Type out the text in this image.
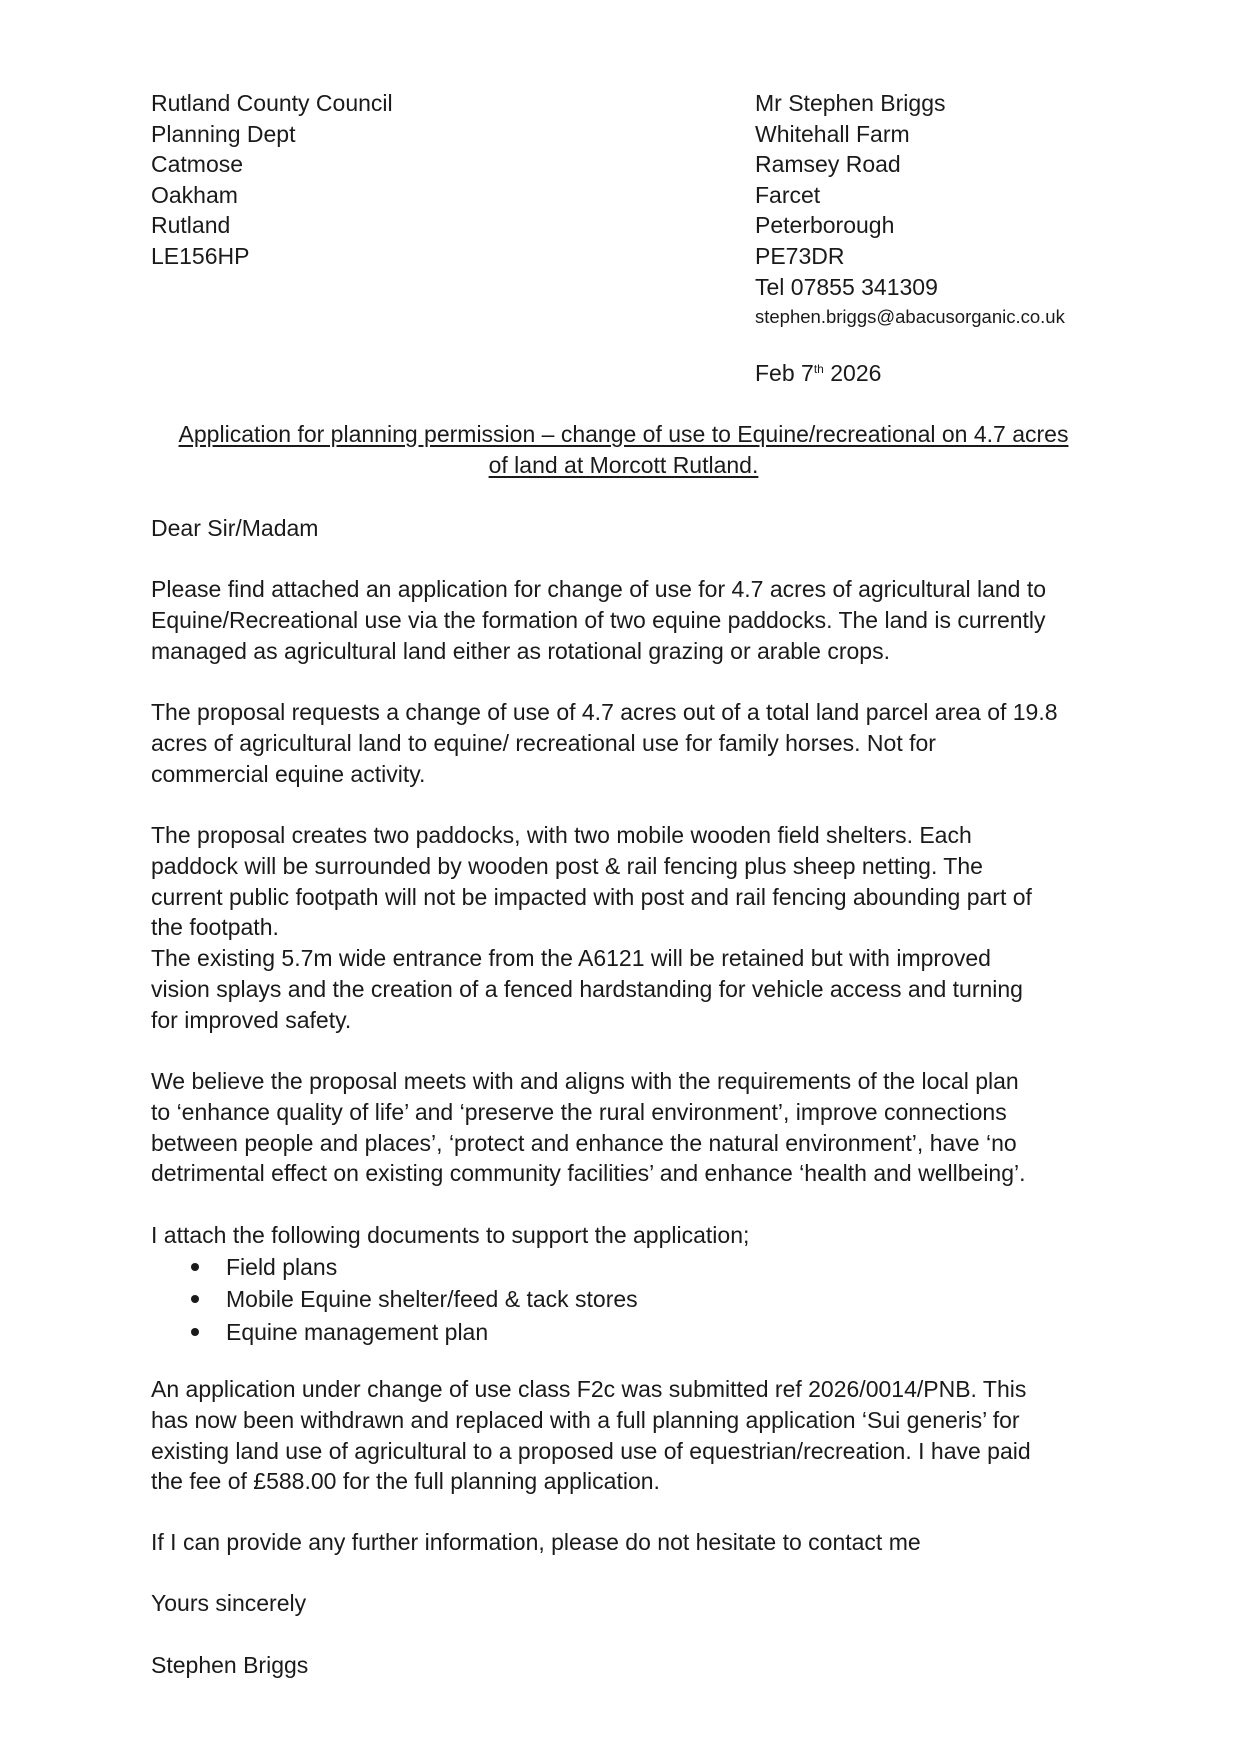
Rutland County Council
Planning Dept
Catmose
Oakham
Rutland
LE156HP
Mr Stephen Briggs
Whitehall Farm
Ramsey Road
Farcet
Peterborough
PE73DR
Tel 07855 341309
stephen.briggs@abacusorganic.co.uk
Feb 7th 2026
Application for planning permission – change of use to Equine/recreational on 4.7 acres
of land at Morcott Rutland.
Dear Sir/Madam
Please find attached an application for change of use for 4.7 acres of agricultural land to
Equine/Recreational use via the formation of two equine paddocks. The land is currently
managed as agricultural land either as rotational grazing or arable crops.
The proposal requests a change of use of 4.7 acres out of a total land parcel area of 19.8
acres of agricultural land to equine/ recreational use for family horses. Not for
commercial equine activity.
The proposal creates two paddocks, with two mobile wooden field shelters. Each
paddock will be surrounded by wooden post & rail fencing plus sheep netting. The
current public footpath will not be impacted with post and rail fencing abounding part of
the footpath.
The existing 5.7m wide entrance from the A6121 will be retained but with improved
vision splays and the creation of a fenced hardstanding for vehicle access and turning
for improved safety.
We believe the proposal meets with and aligns with the requirements of the local plan
to ‘enhance quality of life’ and ‘preserve the rural environment’, improve connections
between people and places’, ‘protect and enhance the natural environment’, have ‘no
detrimental effect on existing community facilities’ and enhance ‘health and wellbeing’.
I attach the following documents to support the application;
Field plans
Mobile Equine shelter/feed & tack stores
Equine management plan
An application under change of use class F2c was submitted ref 2026/0014/PNB. This
has now been withdrawn and replaced with a full planning application ‘Sui generis’ for
existing land use of agricultural to a proposed use of equestrian/recreation. I have paid
the fee of £588.00 for the full planning application.
If I can provide any further information, please do not hesitate to contact me
Yours sincerely
Stephen Briggs
